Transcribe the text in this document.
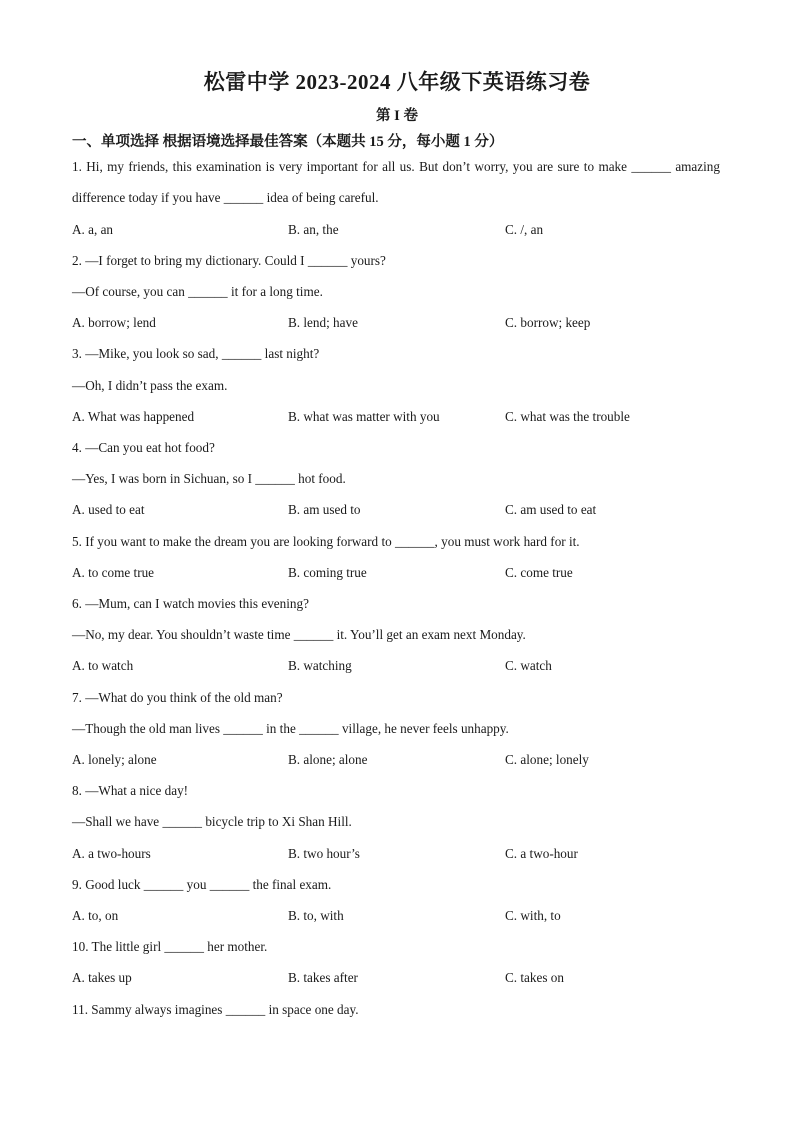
松雷中学 2023-2024 八年级下英语练习卷
第 I 卷
一、单项选择 根据语境选择最佳答案（本题共 15 分，每小题 1 分）
1. Hi, my friends, this examination is very important for all us. But don’t worry, you are sure to make ______ amazing
difference today if you have ______ idea of being careful.
A. a, an	B. an, the	C. /, an
2. —I forget to bring my dictionary. Could I ______ yours?
—Of course, you can ______ it for a long time.
A. borrow; lend	B. lend; have	C. borrow; keep
3. —Mike, you look so sad, ______ last night?
—Oh, I didn’t pass the exam.
A. What was happened	B. what was matter with you	C. what was the trouble
4. —Can you eat hot food?
—Yes, I was born in Sichuan, so I ______ hot food.
A. used to eat	B. am used to	C. am used to eat
5. If you want to make the dream you are looking forward to ______, you must work hard for it.
A. to come true	B. coming true	C. come true
6. —Mum, can I watch movies this evening?
—No, my dear. You shouldn’t waste time ______ it. You’ll get an exam next Monday.
A. to watch	B. watching	C. watch
7. —What do you think of the old man?
—Though the old man lives ______ in the ______ village, he never feels unhappy.
A. lonely; alone	B. alone; alone	C. alone; lonely
8. —What a nice day!
—Shall we have ______ bicycle trip to Xi Shan Hill.
A. a two-hours	B. two hour’s	C. a two-hour
9. Good luck ______ you ______ the final exam.
A. to, on	B. to, with	C. with, to
10. The little girl ______ her mother.
A. takes up	B. takes after	C. takes on
11. Sammy always imagines ______ in space one day.
